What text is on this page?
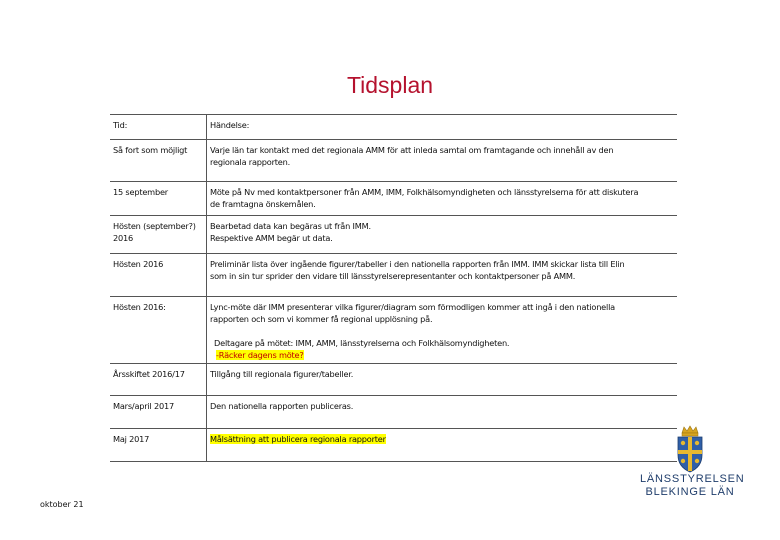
Tidsplan
Tid:	Händelse:
Så fort som möjligt	Varje län tar kontakt med det regionala AMM för att inleda samtal om framtagande och innehåll av den
regionala rapporten.

15 september	Möte på Nv med kontaktpersoner från AMM, IMM, Folkhälsomyndigheten och länsstyrelserna för att diskutera
de framtagna önskemålen.

Hösten (september?)
2016	Bearbetad data kan begäras ut från IMM.
Respektive AMM begär ut data.

Hösten 2016	Preliminär lista över ingående figurer/tabeller i den nationella rapporten från IMM. IMM skickar lista till Elin
som in sin tur sprider den vidare till länsstyrelserepresentanter och kontaktpersoner på AMM.

Hösten 2016:	Lync-möte där IMM presenterar vilka figurer/diagram som förmodligen kommer att ingå i den nationella
rapporten och som vi kommer få regional upplösning på.
Deltagare på mötet: IMM, AMM, länsstyrelserna och Folkhälsomyndigheten.
-Räcker dagens möte?

Årsskiftet 2016/17	Tillgång till regionala figurer/tabeller.
Mars/april 2017	Den nationella rapporten publiceras.
Maj 2017	Målsättning att publicera regionala rapporter
oktober 21
LÄNSSTYRELSEN
BLEKINGE LÄN
